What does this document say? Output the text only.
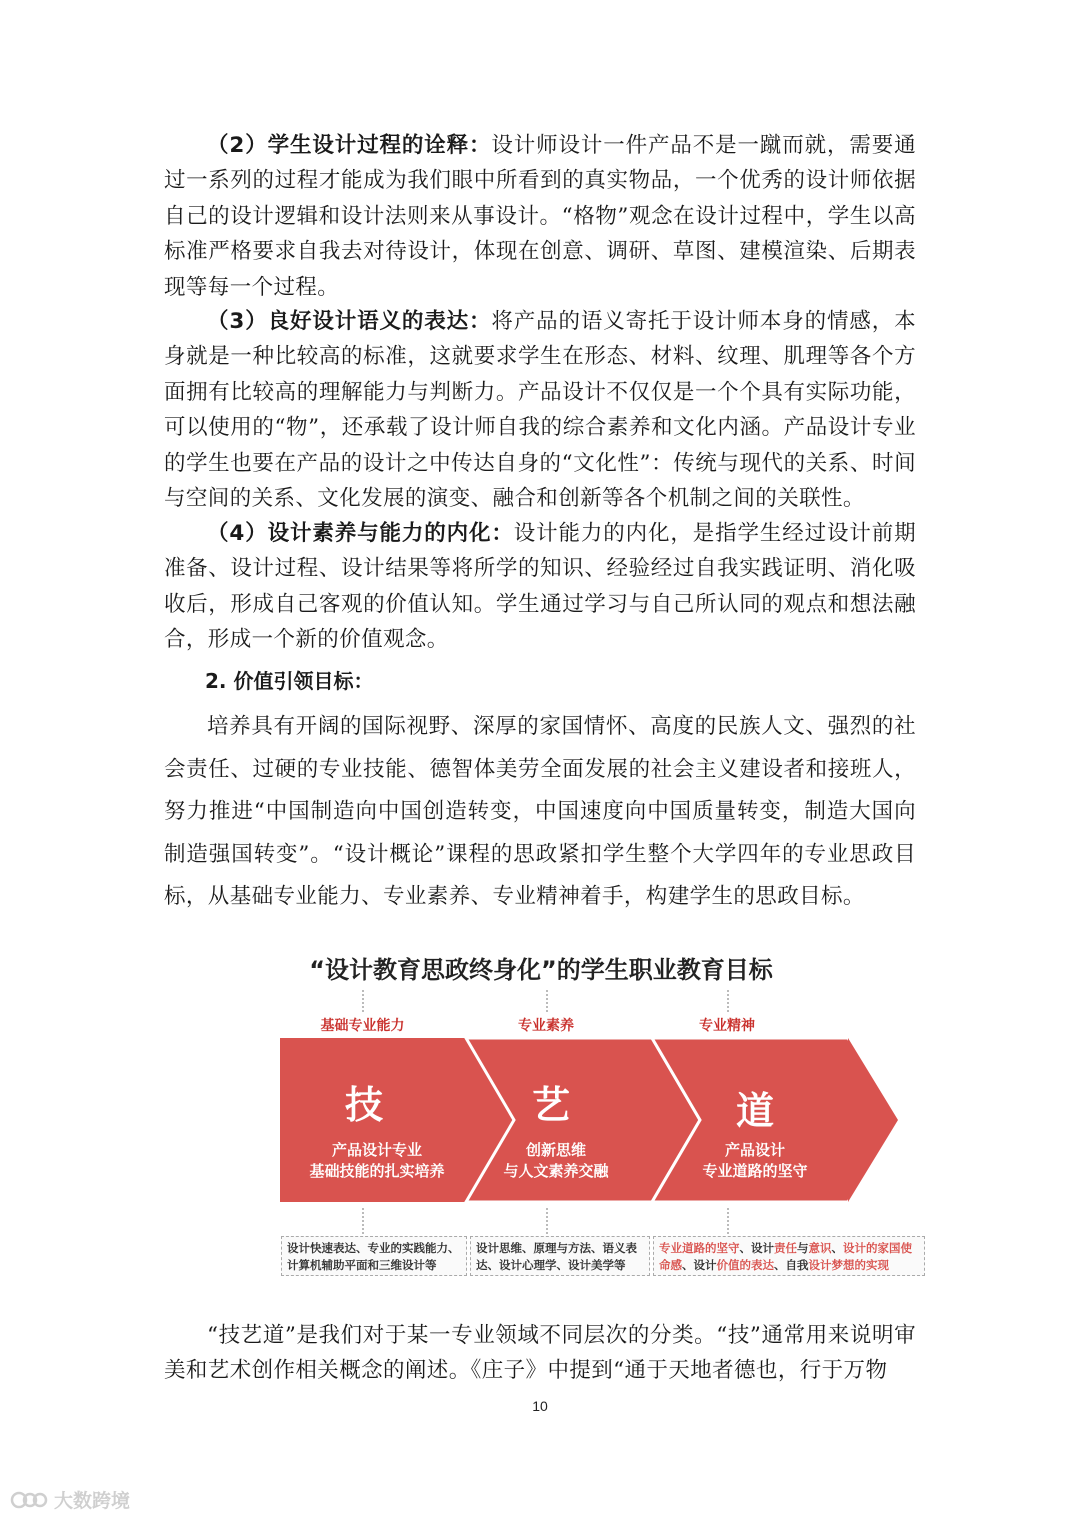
（2）学生设计过程的诠释：设计师设计一件产品不是一蹴而就，需要通过一系列的过程才能成为我们眼中所看到的真实物品，一个优秀的设计师依据自己的设计逻辑和设计法则来从事设计。“格物”观念在设计过程中，学生以高标准严格要求自我去对待设计，体现在创意、调研、草图、建模渲染、后期表现等每一个过程。

（3）良好设计语义的表达：将产品的语义寄托于设计师本身的情感，本身就是一种比较高的标准，这就要求学生在形态、材料、纹理、肌理等各个方面拥有比较高的理解能力与判断力。产品设计不仅仅是一个个具有实际功能，可以使用的“物”，还承载了设计师自我的综合素养和文化内涵。产品设计专业的学生也要在产品的设计之中传达自身的“文化性”：传统与现代的关系、时间与空间的关系、文化发展的演变、融合和创新等各个机制之间的关联性。

（4）设计素养与能力的内化：设计能力的内化，是指学生经过设计前期准备、设计过程、设计结果等将所学的知识、经验经过自我实践证明、消化吸收后，形成自己客观的价值认知。学生通过学习与自己所认同的观点和想法融合，形成一个新的价值观念。

2. 价值引领目标：

培养具有开阔的国际视野、深厚的家国情怀、高度的民族人文、强烈的社会责任、过硬的专业技能、德智体美劳全面发展的社会主义建设者和接班人，努力推进“中国制造向中国创造转变，中国速度向中国质量转变，制造大国向制造强国转变”。“设计概论”课程的思政紧扣学生整个大学四年的专业思政目标，从基础专业能力、专业素养、专业精神着手，构建学生的思政目标。

“设计教育思政终身化”的学生职业教育目标
基础专业能力	专业素养	专业精神
技	艺	道
产品设计专业
基础技能的扎实培养
创新思维
与人文素养交融
产品设计
专业道路的坚守
设计快速表达、专业的实践能力、
计算机辅助平面和三维设计等
设计思维、原理与方法、语义表
达、设计心理学、设计美学等
专业道路的坚守、设计责任与意识、设计的家国使
命感、设计价值的表达、自我设计梦想的实现

“技艺道”是我们对于某一专业领域不同层次的分类。“技”通常用来说明审美和艺术创作相关概念的阐述。《庄子》中提到“通于天地者德也，行于万物

10
大数跨境
